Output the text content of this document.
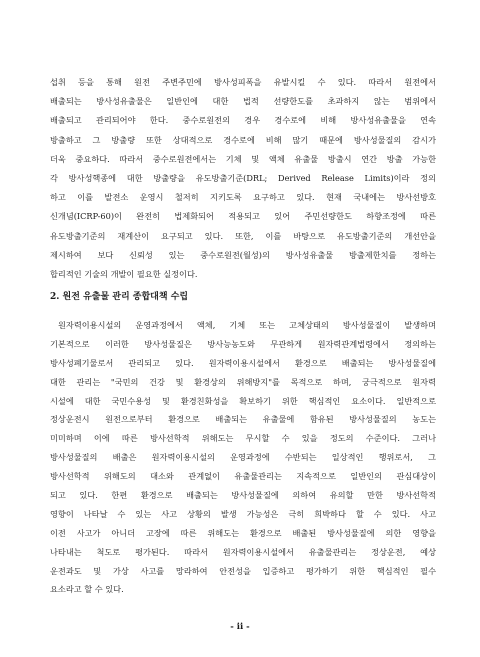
섭취 등을 통해 원전 주변주민에 방사성피폭을 유발시킬 수 있다. 따라서 원전에서
배출되는 방사성유출물은 일반인에 대한 법적 선량한도를 초과하지 않는 범위에서
배출되고 관리되어야 한다. 중수로원전의 경우 경수로에 비해 방사성유출물을 연속
방출하고 그 방출량 또한 상대적으로 경수로에 비해 많기 때문에 방사성물질의 감시가
더욱 중요하다. 따라서 중수로원전에서는 기체 및 액체 유출물 방출시 연간 방출 가능한
각 방사성핵종에 대한 방출량을 유도방출기준(DRL; Derived Release Limits)이라 정의
하고 이를 발전소 운영시 철저히 지키도록 요구하고 있다. 현재 국내에는 방사선방호
신개념(ICRP-60)이 완전히 법제화되어 적용되고 있어 주민선량한도 하향조정에 따른
유도방출기준의 재계산이 요구되고 있다. 또한, 이를 바탕으로 유도방출기준의 개선안을
제시하여 보다 신뢰성 있는 중수로원전(월성)의 방사성유출물 방출제한치를 정하는
합리적인 기술의 개발이 필요한 실정이다.
2. 원전 유출물 관리 종합대책 수립
원자력이용시설의 운영과정에서 액체, 기체 또는 고체상태의 방사성물질이 발생하며
기본적으로 이러한 방사성물질은 방사능농도와 무관하게 원자력관계법령에서 정의하는
방사성폐기물로서 관리되고 있다. 원자력이용시설에서 환경으로 배출되는 방사성물질에
대한 관리는 "국민의 건강 및 환경상의 위해방지"를 목적으로 하며, 궁극적으로 원자력
시설에 대한 국민수용성 및 환경친화성을 확보하기 위한 핵심적인 요소이다. 일반적으로
정상운전시 원전으로부터 환경으로 배출되는 유출물에 함유된 방사성물질의 농도는
미미하며 이에 따른 방사선학적 위해도는 무시할 수 있을 정도의 수준이다. 그러나
방사성물질의 배출은 원자력이용시설의 운영과정에 수반되는 일상적인 행위로서, 그
방사선학적 위해도의 대소와 관계없이 유출물관리는 지속적으로 일반인의 관심대상이
되고 있다. 한편 환경으로 배출되는 방사성물질에 의하여 유의할 만한 방사선학적
영향이 나타날 수 있는 사고 상황의 발생 가능성은 극히 희박하다 할 수 있다. 사고
이전 사고가 아니더 고장에 따른 위해도는 환경으로 배출된 방사성물질에 의한 영향을
나타내는 척도로 평가된다. 따라서 원자력이용시설에서 유출물관리는 정상운전, 예상
운전과도 및 가상 사고를 망라하여 안전성을 입증하고 평가하기 위한 핵심적인 필수
요소라고 할 수 있다.
- ii -
